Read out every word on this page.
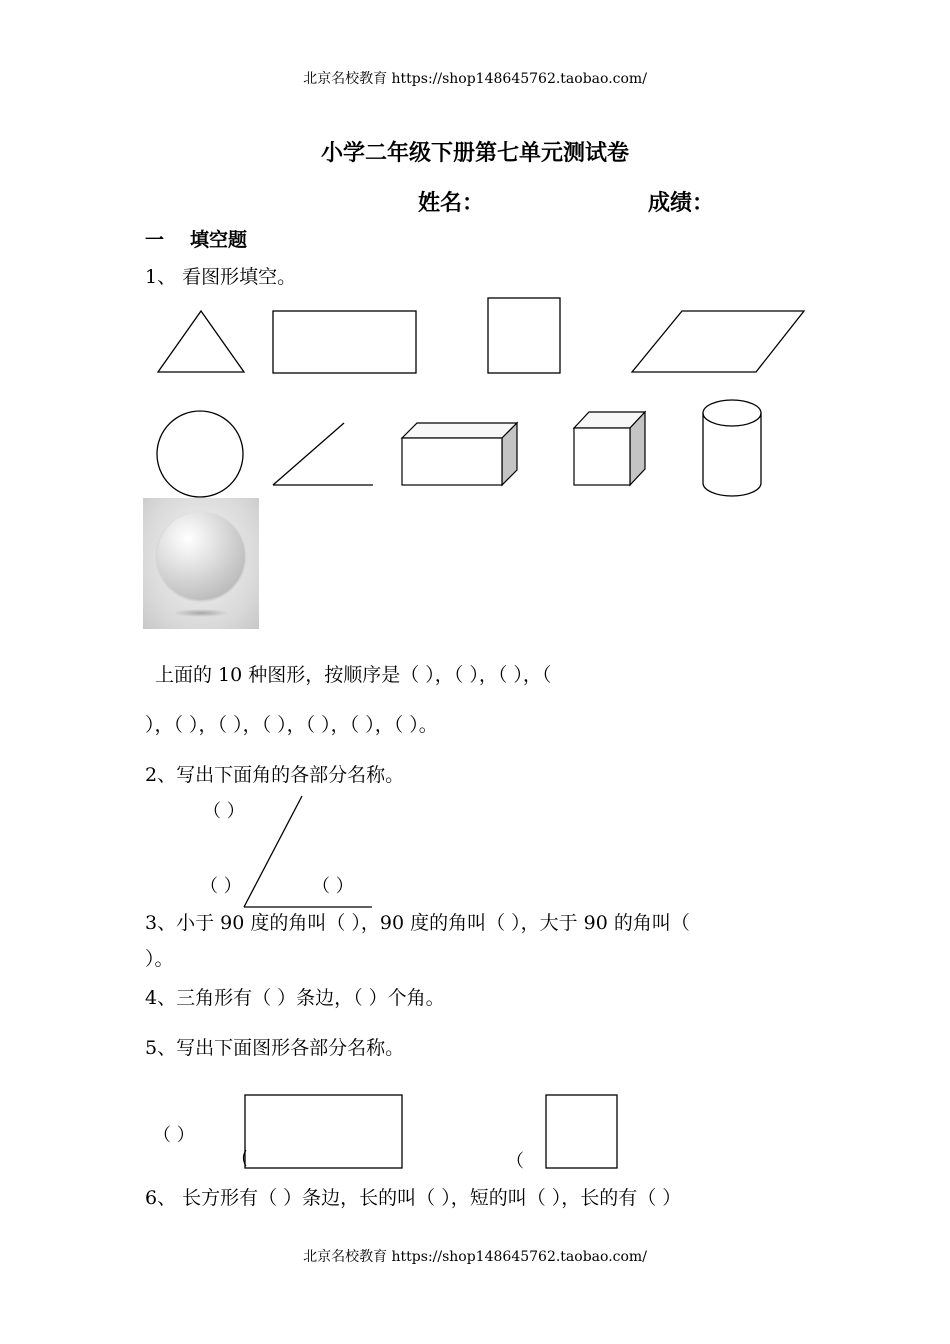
北京名校教育 https://shop148645762.taobao.com/
小学二年级下册第七单元测试卷
姓名：	成绩：
一 填空题
1、 看图形填空。
上面的 10 种图形，按顺序是（ ），（ ），（ ），（
），（ ），（ ），（ ），（ ），（ ），（ ）。
2、写出下面角的各部分名称。
（ ）
（ ）	（ ）
3、小于 90 度的角叫（ ），90 度的角叫（ ），大于 90 的角叫（
）。
4、三角形有（ ）条边，（ ）个角。
5、写出下面图形各部分名称。
（ ）
（
6、 长方形有（ ）条边，长的叫（ ），短的叫（ ），长的有（ ）
北京名校教育 https://shop148645762.taobao.com/
